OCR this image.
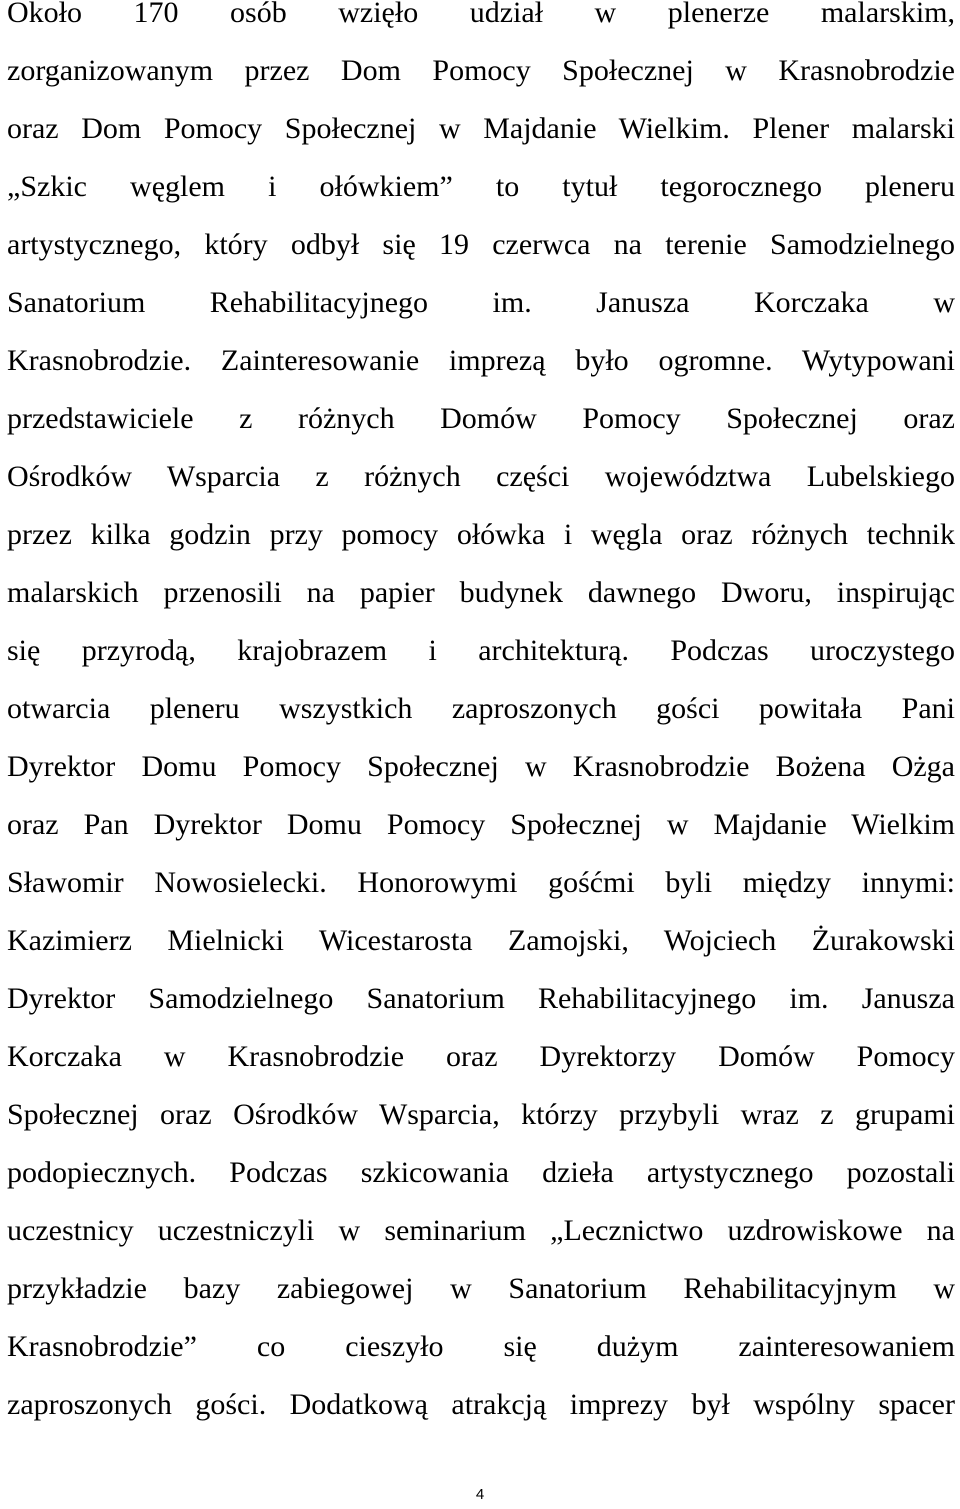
Około 170 osób wzięło udział w plenerze malarskim,
zorganizowanym przez Dom Pomocy Społecznej w Krasnobrodzie
oraz Dom Pomocy Społecznej w Majdanie Wielkim. Plener malarski
„Szkic węglem i ołówkiem” to tytuł tegorocznego pleneru
artystycznego, który odbył się 19 czerwca na terenie Samodzielnego
Sanatorium Rehabilitacyjnego im. Janusza Korczaka w
Krasnobrodzie. Zainteresowanie imprezą było ogromne. Wytypowani
przedstawiciele z różnych Domów Pomocy Społecznej oraz
Ośrodków Wsparcia z różnych części województwa Lubelskiego
przez kilka godzin przy pomocy ołówka i węgla oraz różnych technik
malarskich przenosili na papier budynek dawnego Dworu, inspirując
się przyrodą, krajobrazem i architekturą. Podczas uroczystego
otwarcia pleneru wszystkich zaproszonych gości powitała Pani
Dyrektor Domu Pomocy Społecznej w Krasnobrodzie Bożena Ożga
oraz Pan Dyrektor Domu Pomocy Społecznej w Majdanie Wielkim
Sławomir Nowosielecki. Honorowymi gośćmi byli między innymi:
Kazimierz Mielnicki Wicestarosta Zamojski, Wojciech Żurakowski
Dyrektor Samodzielnego Sanatorium Rehabilitacyjnego im. Janusza
Korczaka w Krasnobrodzie oraz Dyrektorzy Domów Pomocy
Społecznej oraz Ośrodków Wsparcia, którzy przybyli wraz z grupami
podopiecznych. Podczas szkicowania dzieła artystycznego pozostali
uczestnicy uczestniczyli w seminarium „Lecznictwo uzdrowiskowe na
przykładzie bazy zabiegowej w Sanatorium Rehabilitacyjnym w
Krasnobrodzie” co cieszyło się dużym zainteresowaniem
zaproszonych gości. Dodatkową atrakcją imprezy był wspólny spacer
4
